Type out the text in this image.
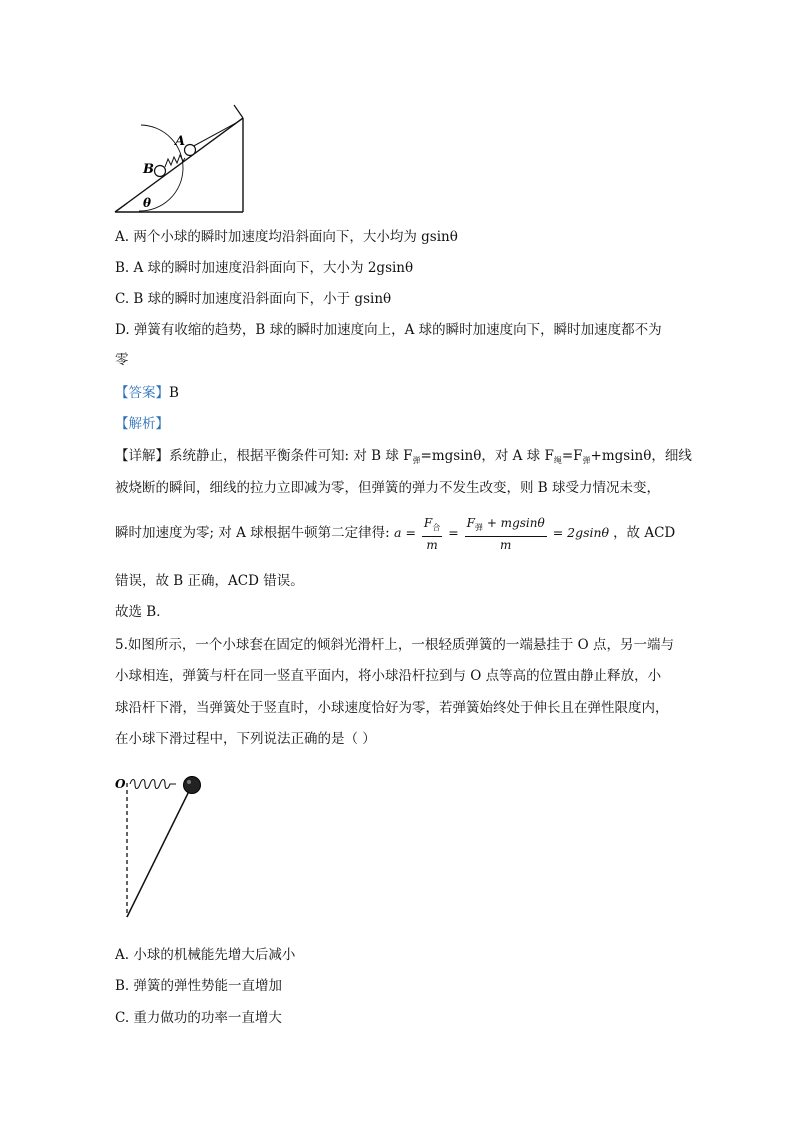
A
B
θ
A. 两个小球的瞬时加速度均沿斜面向下，大小均为 gsinθ
B. A 球的瞬时加速度沿斜面向下，大小为 2gsinθ
C. B 球的瞬时加速度沿斜面向下，小于 gsinθ
D. 弹簧有收缩的趋势，B 球的瞬时加速度向上，A 球的瞬时加速度向下，瞬时加速度都不为
零
【答案】B
【解析】
【详解】系统静止，根据平衡条件可知: 对 B 球 $F_弹=mgsin\theta$，对 A 球 $F_绳=F_弹+mgsin\theta$，细线
被烧断的瞬间，细线的拉力立即减为零，但弹簧的弹力不发生改变，则 B 球受力情况未变，
瞬时加速度为零; 对 A 球根据牛顿第二定律得: $a = \frac{F_合}{m} = \frac{F_弹 + mgsin\theta}{m} = 2gsin\theta$ ，故 ACD
错误，故 B 正确，ACD 错误。
故选 B．
5.如图所示，一个小球套在固定的倾斜光滑杆上，一根轻质弹簧的一端悬挂于 O 点，另一端与
小球相连，弹簧与杆在同一竖直平面内，将小球沿杆拉到与 O 点等高的位置由静止释放，小
球沿杆下滑，当弹簧处于竖直时，小球速度恰好为零，若弹簧始终处于伸长且在弹性限度内，
在小球下滑过程中，下列说法正确的是（ ）
O
A. 小球的机械能先增大后减小
B. 弹簧的弹性势能一直增加
C. 重力做功的功率一直增大
